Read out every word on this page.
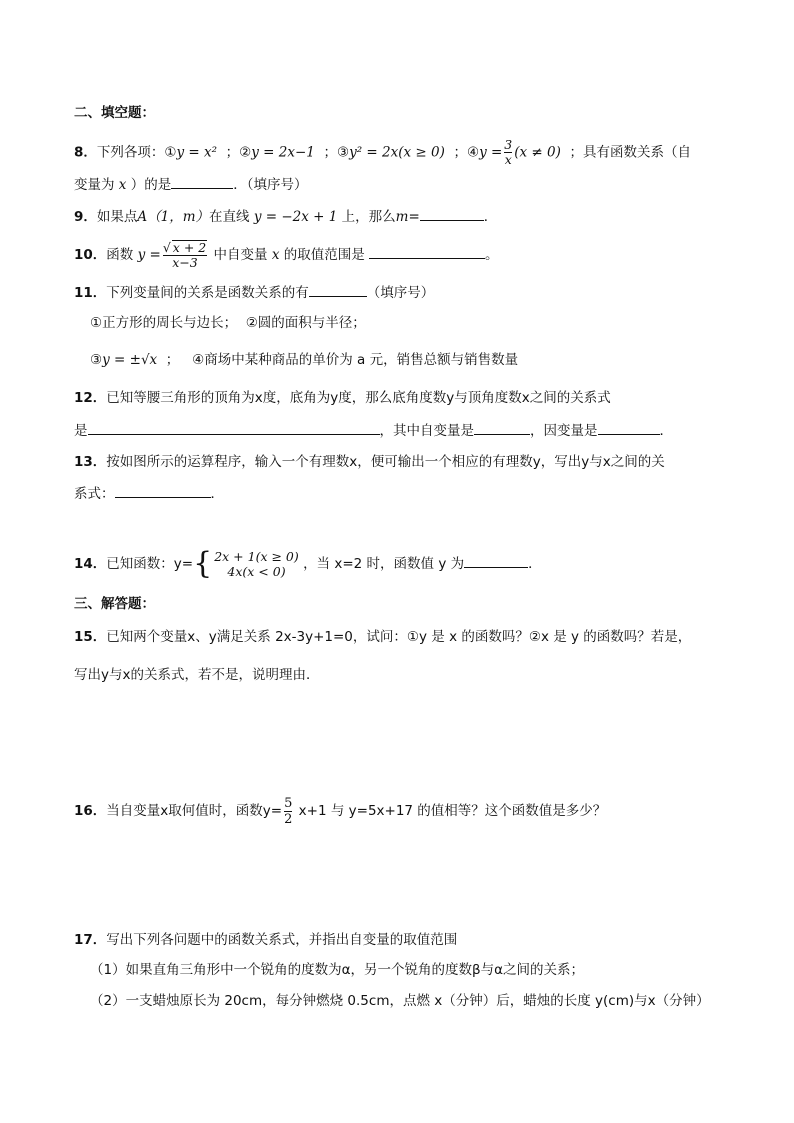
二、填空题：
8．下列各项：①y = x² ；②y = 2x−1 ；③y² = 2x(x ≥ 0) ；④y = $\frac{3}{x} (x \ne 0)$ ；具有函数关系（自
变量为 x ）的是	．（填序号）
9．如果点A（1，m）在直线 y = −2x + 1 上，那么m=	．
10．函数 $y = \frac{√ x + 2}{x-3}$ 中自变量 x 的取值范围是	。
11．下列变量间的关系是函数关系的有	（填序号）
①正方形的周长与边长； ②圆的面积与半径；
③y = ±√x ； ④商场中某种商品的单价为 a 元，销售总额与销售数量
12．已知等腰三角形的顶角为x度，底角为y度，那么底角度数y与顶角度数x之间的关系式
是	，其中自变量是	，因变量是	．
13．按如图所示的运算程序，输入一个有理数x，便可输出一个相应的有理数y，写出y与x之间的关
系式：	．
14．已知函数：y={ 2x + 1(x ≥ 0)
4x(x < 0)	，当 x=2 时，函数值 y 为	．
三、解答题：
15．已知两个变量x、y满足关系 2x-3y+1=0，试问：①y 是 x 的函数吗？②x 是 y 的函数吗？若是，
写出y与x的关系式，若不是，说明理由．
16．当自变量x取何值时，函数$y= \frac{5}{2} x+1$ 与 y=5x+17 的值相等？这个函数值是多少？
17．写出下列各问题中的函数关系式，并指出自变量的取值范围
（1）如果直角三角形中一个锐角的度数为α，另一个锐角的度数β与α之间的关系；
（2）一支蜡烛原长为 20cm，每分钟燃烧 0.5cm，点燃 x（分钟）后，蜡烛的长度 y(cm)与x（分钟）
